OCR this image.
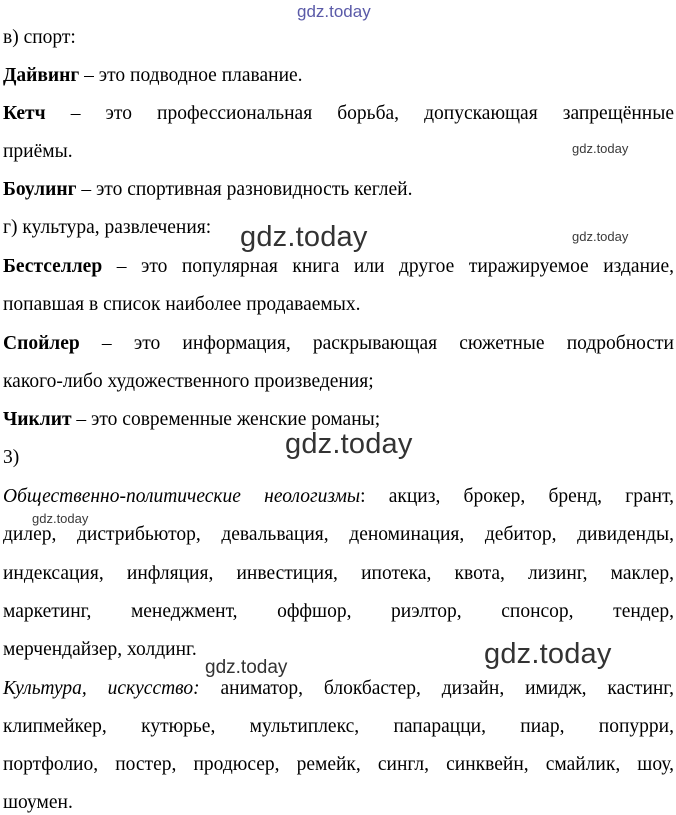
gdz.today
gdz.today
gdz.today	gdz.today
gdz.today
gdz.today
gdz.today
gdz.today
в) спорт:
Дайвинг – это подводное плавание.
Кетч – это профессиональная борьба, допускающая запрещённые
приёмы.
Боулинг – это спортивная разновидность кеглей.
г) культура, развлечения:
Бестселлер – это популярная книга или другое тиражируемое издание,
попавшая в список наиболее продаваемых.
Спойлер – это информация, раскрывающая сюжетные подробности
какого-либо художественного произведения;
Чиклит – это современные женские романы;
3)
Общественно-политические неологизмы: акциз, брокер, бренд, грант,
дилер, дистрибьютор, девальвация, деноминация, дебитор, дивиденды,
индексация, инфляция, инвестиция, ипотека, квота, лизинг, маклер,
маркетинг, менеджмент, оффшор, риэлтор, спонсор, тендер,
мерчендайзер, холдинг.
Культура, искусство: аниматор, блокбастер, дизайн, имидж, кастинг,
клипмейкер, кутюрье, мультиплекс, папарацци, пиар, попурри,
портфолио, постер, продюсер, ремейк, сингл, синквейн, смайлик, шоу,
шоумен.
